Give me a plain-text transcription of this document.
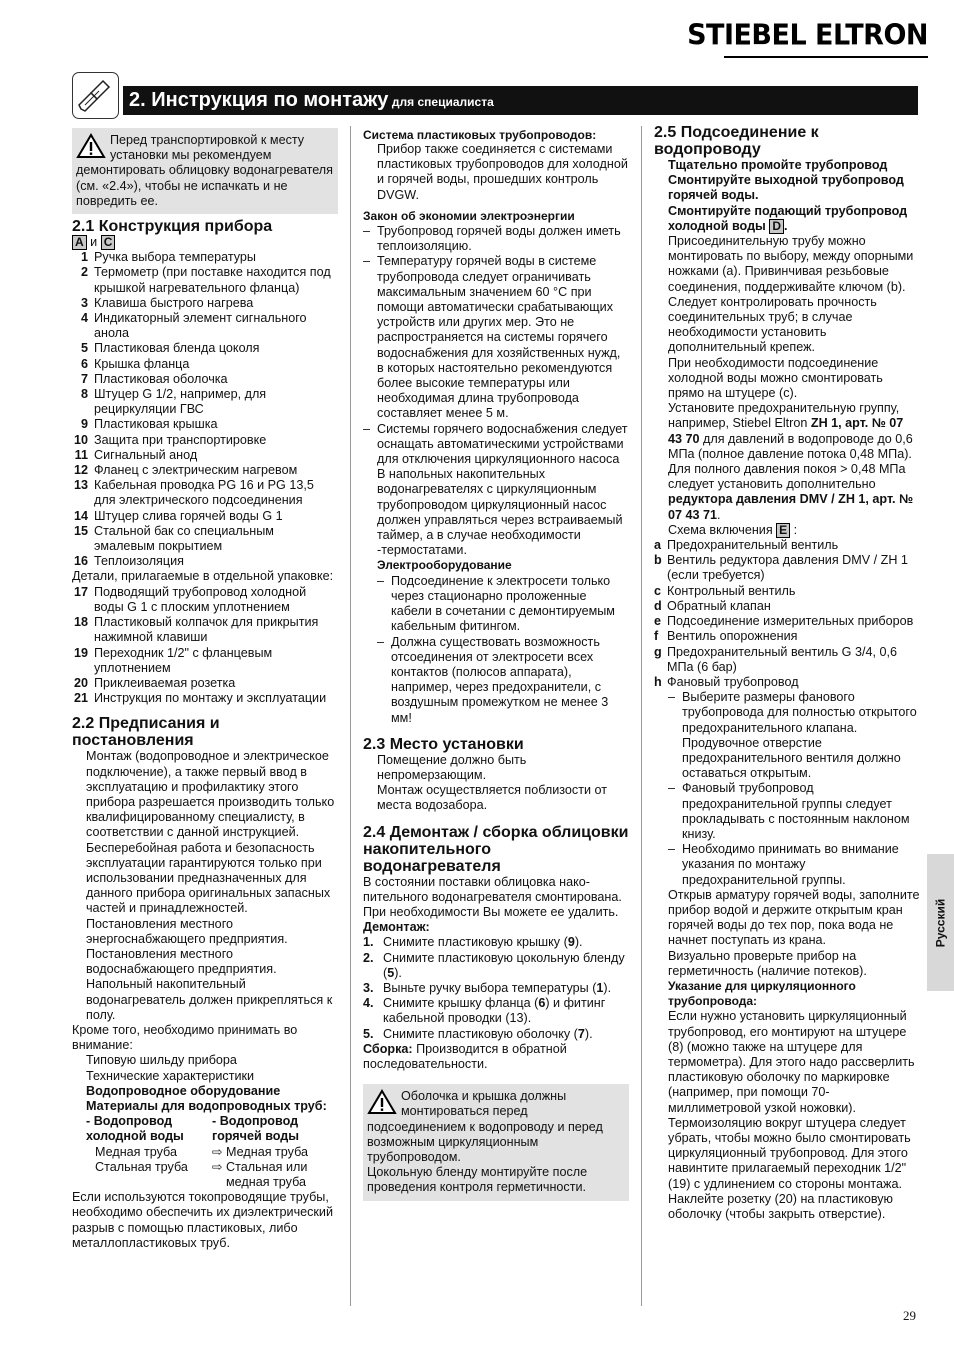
STIEBEL ELTRON
2. Инструкция по монтажу для специалиста
Перед транспортировкой к месту установки мы рекомендуем демонтировать облицовку водонагревателя (см. «2.4»), чтобы не испачкать и не повредить ее.
2.1 Конструкция прибора
A и C
1 Ручка выбора температуры
2 Термометр (при поставке находится под крышкой нагревательного фланца)
3 Клавиша быстрого нагрева
4 Индикаторный элемент сигнального анола
5 Пластиковая бленда цоколя
6 Крышка фланца
7 Пластиковая оболочка
8 Штуцер G 1/2, например, для рециркуляции ГВС
9 Пластиковая крышка
10 Защита при транспортировке
11 Сигнальный анод
12 Фланец с электрическим нагревом
13 Кабельная проводка PG 16 и PG 13,5 для электрического подсоединения
14 Штуцер слива горячей воды G 1
15 Стальной бак со специальным эмалевым покрытием
16 Теплоизоляция
Детали, прилагаемые в отдельной упаковке:
17 Подводящий трубопровод холодной воды G 1 с плоским уплотнением
18 Пластиковый колпачок для прикрытия нажимной клавиши
19 Переходник 1/2" с фланцевым уплотнением
20 Приклеиваемая розетка
21 Инструкция по монтажу и эксплуатации
2.2 Предписания и постановления
Монтаж (водопроводное и электрическое подключение), а также первый ввод в эксплуатацию и профилактику этого прибора разрешается производить только квалифицированному специалисту, в соответствии с данной инструкцией.
Бесперебойная работа и безопасность эксплуатации гарантируются только при использовании предназначенных для данного прибора оригинальных запасных частей и принадлежностей.
Постановления местного энергоснабжающего предприятия.
Постановления местного водоснабжающего предприятия.
Напольный накопительный водонагреватель должен прикрепляться к полу.
Кроме того, необходимо принимать во внимание:
Типовую шильду прибора
Технические характеристики
Водопроводное оборудование
Материалы для водопроводных труб:
- Водопровод холодной воды
Медная труба
Стальная труба
- Водопровод горячей воды
⇨ Медная труба
⇨ Стальная или медная труба
Если используются токопроводящие трубы, необходимо обеспечить их диэлектрический разрыв с помощью пластиковых, либо металлопластиковых труб.
Система пластиковых трубопроводов:
Прибор также соединяется с системами пластиковых трубопроводов для холодной и горячей воды, прошедших контроль DVGW.
Закон об экономии электроэнергии
– Трубопровод горячей воды должен иметь теплоизоляцию.
– Температуру горячей воды в системе трубопровода следует ограничивать максимальным значением 60 °С при помощи автоматически срабатывающих устройств или других мер. Это не распространяется на системы горячего водоснабжения для хозяйственных нужд, в которых настоятельно рекомендуются более высокие температуры или необходимая длина трубопровода составляет менее 5 м.
– Системы горячего водоснабжения следует оснащать автоматическими устройствами для отключения циркуляционного насоса
В напольных накопительных водонагревателях с циркуляционным трубопроводом циркуляционный насос должен управляться через встраиваемый таймер, а в случае необходимости -термостатами.
Электрооборудование
– Подсоединение к электросети только через стационарно проложенные кабели в сочетании с демонтируемым кабельным фитингом.
– Должна существовать возможность отсоединения от электросети всех контактов (полюсов аппарата), например, через предохранители, с воздушным промежутком не менее 3 мм!
2.3 Место установки
Помещение должно быть непромерзающим.
Монтаж осуществляется поблизости от места водозабора.
2.4 Демонтаж / сборка облицовки накопительного водонагревателя
В состоянии поставки облицовка нако-пительного водонагревателя смонтирована. При необходимости Вы можете ее удалить.
Демонтаж:
1. Снимите пластиковую крышку (9).
2. Снимите пластиковую цокольную бленду (5).
3. Выньте ручку выбора температуры (1).
4. Снимите крышку фланца (6) и фитинг кабельной проводки (13).
5. Снимите пластиковую оболочку (7).
Сборка: Производится в обратной последовательности.
Оболочка и крышка должны монтироваться перед подсоединением к водопроводу и перед возможным циркуляционным трубопроводом.
Цокольную бленду монтируйте после проведения контроля герметичности.
2.5 Подсоединение к водопроводу
Тщательно промойте трубопровод
Смонтируйте выходной трубопровод горячей воды.
Смонтируйте подающий трубопровод холодной воды D .
Присоединительную трубу можно монтировать по выбору, между опорными ножками (a). Привинчивая резьбовые соединения, поддерживайте ключом (b). Следует контролировать прочность соединительных труб; в случае необходимости установить дополнительный крепеж.
При необходимости подсоединение холодной воды можно смонтировать прямо на штуцере (c).
Установите предохранительную группу, например, Stiebel Eltron ZH 1, арт. № 07 43 70 для давлений в водопроводе до 0,6 МПа (полное давление потока 0,48 МПа). Для полного давления покоя > 0,48 МПа следует установить дополнительно редуктора давления DMV / ZH 1, арт. № 07 43 71.
Схема включения E :
a Предохранительный вентиль
b Вентиль редуктора давления DMV / ZH 1 (если требуется)
c Контрольный вентиль
d Обратный клапан
e Подсоединение измерительных приборов
f Вентиль опорожнения
g Предохранительный вентиль G 3/4, 0,6 МПа (6 бар)
h Фановый трубопровод
– Выберите размеры фанового трубопровода для полностью открытого предохранительного клапана. Продувочное отверстие предохранительного вентиля должно оставаться открытым.
– Фановый трубопровод предохранительной группы следует прокладывать с постоянным наклоном книзу.
– Необходимо принимать во внимание указания по монтажу предохранительной группы.
Открыв арматуру горячей воды, заполните прибор водой и держите открытым кран горячей воды до тех пор, пока вода не начнет поступать из крана.
Визуально проверьте прибор на герметичность (наличие потеков).
Указание для циркуляционного трубопровода:
Если нужно установить циркуляционный трубопровод, его монтируют на штуцере (8) (можно также на штуцере для термометра). Для этого надо рассверлить пластиковую оболочку по маркировке (например, при помощи 70-миллиметровой узкой ножовки). Термоизоляцию вокруг штуцера следует убрать, чтобы можно было смонтировать циркуляционный трубопровод. Для этого навинтите прилагаемый переходник 1/2" (19) с удлинением со стороны монтажа. Наклейте розетку (20) на пластиковую оболочку (чтобы закрыть отверстие).
Русский
29
